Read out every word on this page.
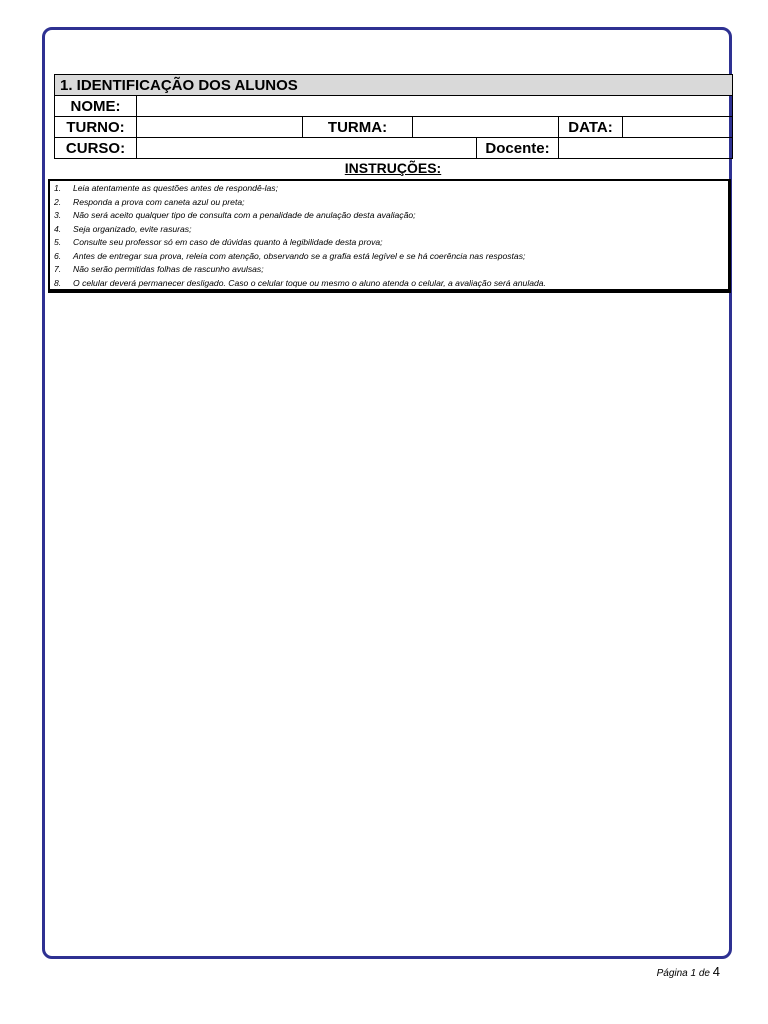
1. IDENTIFICAÇÃO DOS ALUNOS						
NOME:						
TURNO:		TURMA:			DATA:	
CURSO:				Docente:		
INSTRUÇÕES:
1.	Leia atentamente as questões antes de respondê-las;
2.	Responda a prova com caneta azul ou preta;
3.	Não será aceito qualquer tipo de consulta com a penalidade de anulação desta avaliação;
4.	Seja organizado, evite rasuras;
5.	Consulte seu professor só em caso de dúvidas quanto à legibilidade desta prova;
6.	Antes de entregar sua prova, releia com atenção, observando se a grafia está legível e se há coerência nas respostas;
7.	Não serão permitidas folhas de rascunho avulsas;
8.	O celular deverá permanecer desligado. Caso o celular toque ou mesmo o aluno atenda o celular, a avaliação será anulada.
Página 1 de 4
